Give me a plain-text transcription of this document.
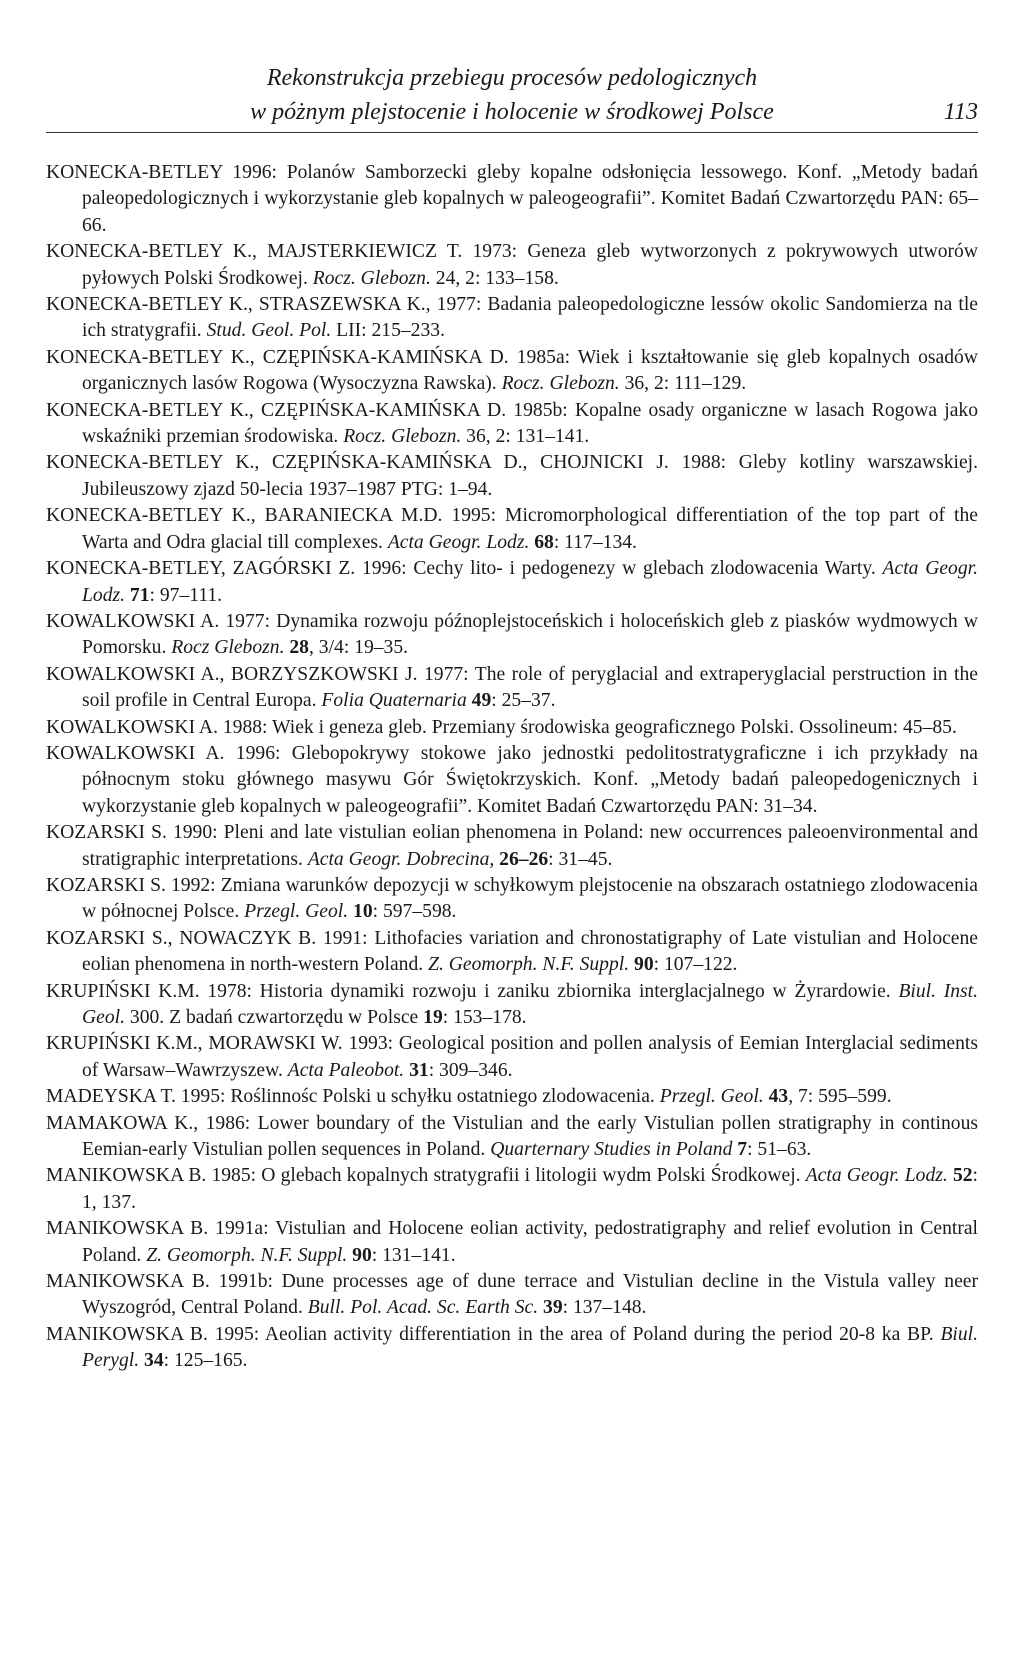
Rekonstrukcja przebiegu procesów pedologicznych
w póżnym plejstocenie i holocenie w środkowej Polsce	113

KONECKA-BETLEY 1996: Polanów Samborzecki gleby kopalne odsłonięcia lessowego. Konf. „Metody badań paleopedologicznych i wykorzystanie gleb kopalnych w paleogeografii”. Komitet Badań Czwartorzędu PAN: 65–66.

KONECKA-BETLEY K., MAJSTERKIEWICZ T. 1973: Geneza gleb wytworzonych z pokrywowych utworów pyłowych Polski Środkowej. Rocz. Glebozn. 24, 2: 133–158.

KONECKA-BETLEY K., STRASZEWSKA K., 1977: Badania paleopedologiczne lessów okolic Sandomierza na tle ich stratygrafii. Stud. Geol. Pol. LII: 215–233.

KONECKA-BETLEY K., CZĘPIŃSKA-KAMIŃSKA D. 1985a: Wiek i kształtowanie się gleb kopalnych osadów organicznych lasów Rogowa (Wysoczyzna Rawska). Rocz. Glebozn. 36, 2: 111–129.

KONECKA-BETLEY K., CZĘPIŃSKA-KAMIŃSKA D. 1985b: Kopalne osady organiczne w lasach Rogowa jako wskaźniki przemian środowiska. Rocz. Glebozn. 36, 2: 131–141.

KONECKA-BETLEY K., CZĘPIŃSKA-KAMIŃSKA D., CHOJNICKI J. 1988: Gleby kotliny warszawskiej. Jubileuszowy zjazd 50-lecia 1937–1987 PTG: 1–94.

KONECKA-BETLEY K., BARANIECKA M.D. 1995: Micromorphological differentiation of the top part of the Warta and Odra glacial till complexes. Acta Geogr. Lodz. 68: 117–134.

KONECKA-BETLEY, ZAGÓRSKI Z. 1996: Cechy lito- i pedogenezy w glebach zlodowacenia Warty. Acta Geogr. Lodz. 71: 97–111.

KOWALKOWSKI A. 1977: Dynamika rozwoju późnoplejstoceńskich i holoceńskich gleb z piasków wydmowych w Pomorsku. Rocz Glebozn. 28, 3/4: 19–35.

KOWALKOWSKI A., BORZYSZKOWSKI J. 1977: The role of peryglacial and extraperyglacial perstruction in the soil profile in Central Europa. Folia Quaternaria 49: 25–37.

KOWALKOWSKI A. 1988: Wiek i geneza gleb. Przemiany środowiska geograficznego Polski. Ossolineum: 45–85.

KOWALKOWSKI A. 1996: Glebopokrywy stokowe jako jednostki pedolitostratygraficzne i ich przykłady na północnym stoku głównego masywu Gór Świętokrzyskich. Konf. „Metody badań paleopedogenicznych i wykorzystanie gleb kopalnych w paleogeografii”. Komitet Badań Czwartorzędu PAN: 31–34.

KOZARSKI S. 1990: Pleni and late vistulian eolian phenomena in Poland: new occurrences paleoenvironmental and stratigraphic interpretations. Acta Geogr. Dobrecina, 26–26: 31–45.

KOZARSKI S. 1992: Zmiana warunków depozycji w schyłkowym plejstocenie na obszarach ostatniego zlodowacenia w północnej Polsce. Przegl. Geol. 10: 597–598.

KOZARSKI S., NOWACZYK B. 1991: Lithofacies variation and chronostatigraphy of Late vistulian and Holocene eolian phenomena in north-western Poland. Z. Geomorph. N.F. Suppl. 90: 107–122.

KRUPIŃSKI K.M. 1978: Historia dynamiki rozwoju i zaniku zbiornika interglacjalnego w Żyrardowie. Biul. Inst. Geol. 300. Z badań czwartorzędu w Polsce 19: 153–178.

KRUPIŃSKI K.M., MORAWSKI W. 1993: Geological position and pollen analysis of Eemian Interglacial sediments of Warsaw–Wawrzyszew. Acta Paleobot. 31: 309–346.

MADEYSKA T. 1995: Roślinnośc Polski u schyłku ostatniego zlodowacenia. Przegl. Geol. 43, 7: 595–599.

MAMAKOWA K., 1986: Lower boundary of the Vistulian and the early Vistulian pollen stratigraphy in continous Eemian-early Vistulian pollen sequences in Poland. Quarternary Studies in Poland 7: 51–63.

MANIKOWSKA B. 1985: O glebach kopalnych stratygrafii i litologii wydm Polski Środkowej. Acta Geogr. Lodz. 52: 1, 137.

MANIKOWSKA B. 1991a: Vistulian and Holocene eolian activity, pedostratigraphy and relief evolution in Central Poland. Z. Geomorph. N.F. Suppl. 90: 131–141.

MANIKOWSKA B. 1991b: Dune processes age of dune terrace and Vistulian decline in the Vistula valley neer Wyszogród, Central Poland. Bull. Pol. Acad. Sc. Earth Sc. 39: 137–148.

MANIKOWSKA B. 1995: Aeolian activity differentiation in the area of Poland during the period 20-8 ka BP. Biul. Perygl. 34: 125–165.
